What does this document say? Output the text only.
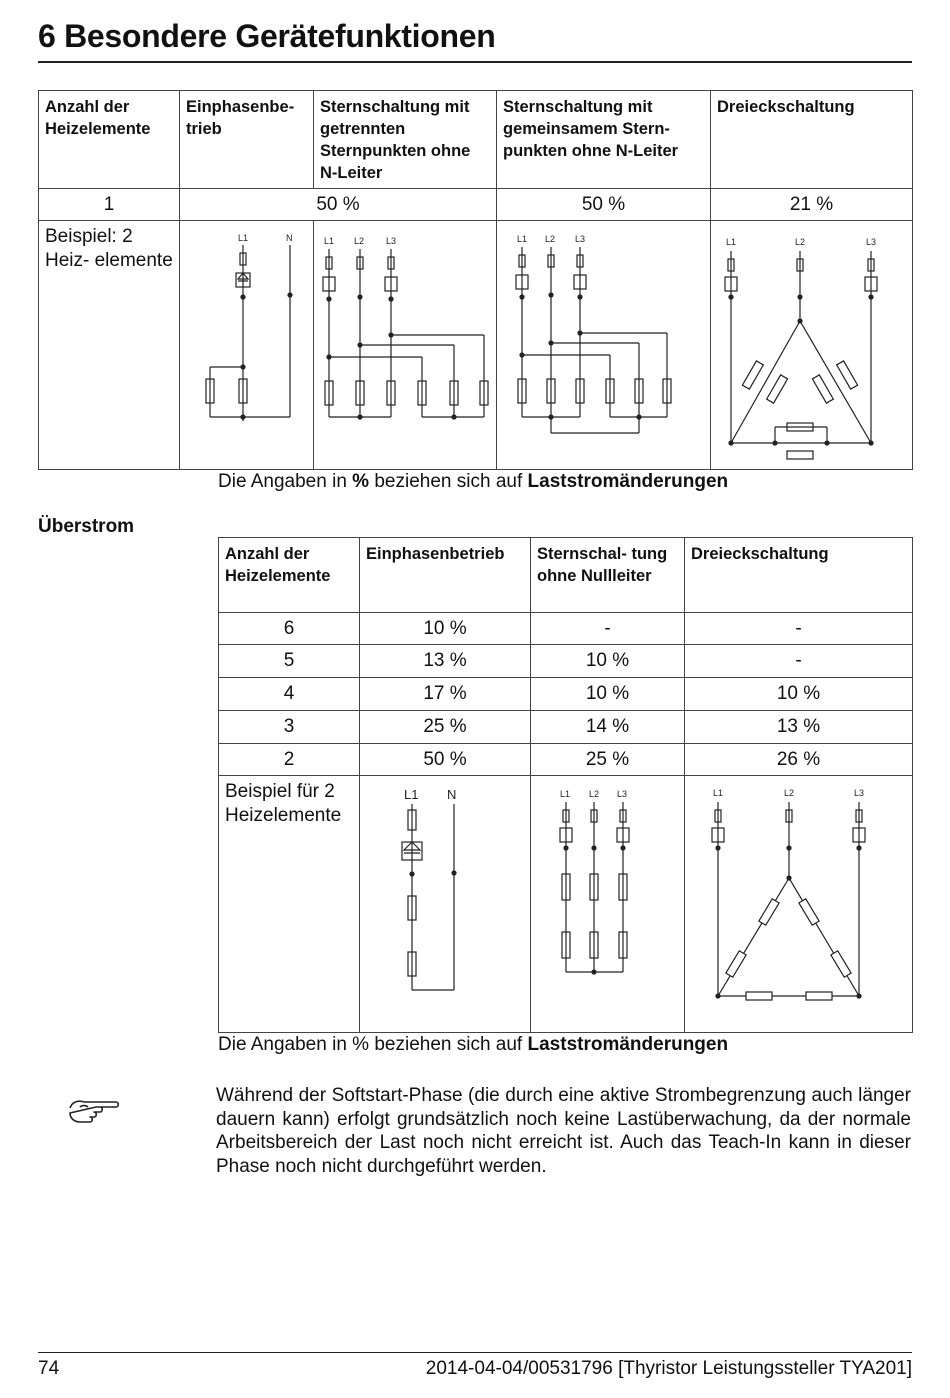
6 Besondere Gerätefunktionen
Anzahl der Heizelemente	Einphasenbe- trieb	Sternschaltung mit getrennten Sternpunkten ohne N-Leiter	Sternschaltung mit gemeinsamem Stern- punkten ohne N-Leiter	Dreieckschaltung
1	50 %		50 %	21 %
Beispiel: 2 Heiz- elemente	L1 N	L1 L2 L3	L1 L2 L3	L1 L2 L3
Die Angaben in % beziehen sich auf Laststromänderungen
Überstrom
Anzahl der Heizelemente	Einphasenbetrieb	Sternschal- tung ohne Nullleiter	Dreieckschaltung
6	10 %	-	-
5	13 %	10 %	-
4	17 %	10 %	10 %
3	25 %	14 %	13 %
2	50 %	25 %	26 %
Beispiel für 2 Heizelemente	L1 N	L1 L2 L3	L1 L2 L3
Die Angaben in % beziehen sich auf Laststromänderungen
Während der Softstart-Phase (die durch eine aktive Strombegrenzung auch länger dauern kann) erfolgt grundsätzlich noch keine Lastüberwachung, da der normale Arbeitsbereich der Last noch nicht erreicht ist. Auch das Teach-In kann in dieser Phase noch nicht durchgeführt werden.
74	2014-04-04/00531796 [Thyristor Leistungssteller TYA201]
